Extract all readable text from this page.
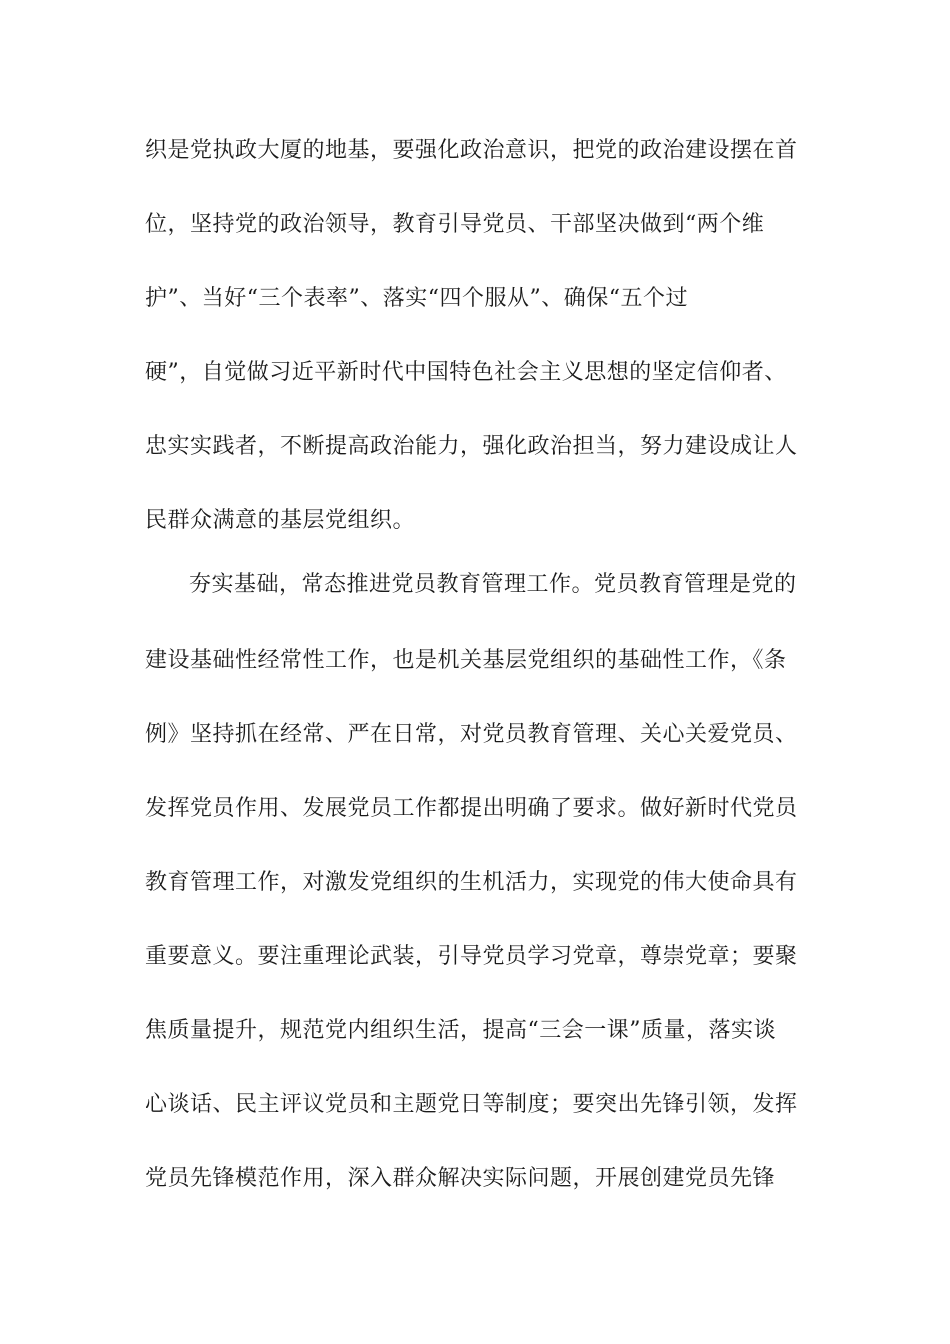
织是党执政大厦的地基，要强化政治意识，把党的政治建设摆在首
位，坚持党的政治领导，教育引导党员、干部坚决做到“两个维
护”、当好“三个表率”、落实“四个服从”、确保“五个过
硬”，自觉做习近平新时代中国特色社会主义思想的坚定信仰者、
忠实实践者，不断提高政治能力，强化政治担当，努力建设成让人
民群众满意的基层党组织。
夯实基础，常态推进党员教育管理工作。党员教育管理是党的
建设基础性经常性工作，也是机关基层党组织的基础性工作，《条
例》坚持抓在经常、严在日常，对党员教育管理、关心关爱党员、
发挥党员作用、发展党员工作都提出明确了要求。做好新时代党员
教育管理工作，对激发党组织的生机活力，实现党的伟大使命具有
重要意义。要注重理论武装，引导党员学习党章，尊崇党章；要聚
焦质量提升，规范党内组织生活，提高“三会一课”质量，落实谈
心谈话、民主评议党员和主题党日等制度；要突出先锋引领，发挥
党员先锋模范作用，深入群众解决实际问题，开展创建党员先锋
